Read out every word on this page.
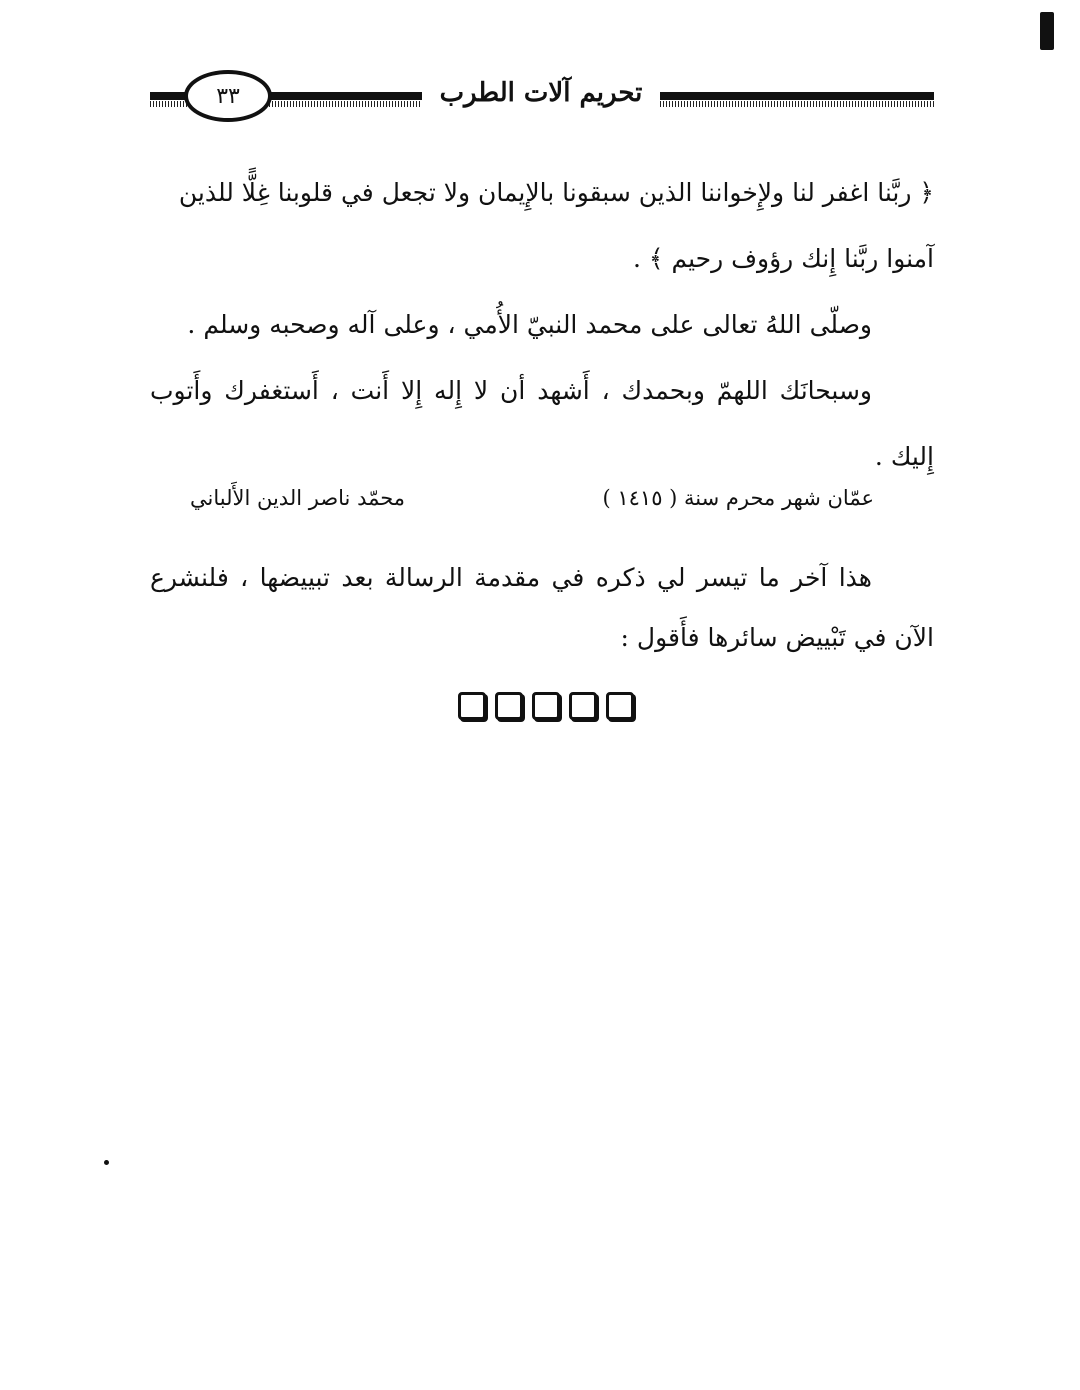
٣٣	تحريم آلات الطرب

﴿ ربَّنا اغفر لنا ولإِخواننا الذين سبقونا بالإِيمان ولا تجعل في قلوبنا غِلًّا للذين

آمنوا ربَّنا إِنك رؤوف رحيم ﴾ .

وصلّى اللهُ تعالى على محمد النبيّ الأُمي ، وعلى آله وصحبه وسلم .

وسبحانَك اللهمّ وبحمدك ، أَشهد أن لا إِله إِلا أَنت ، أَستغفرك وأَتوب إِليك .

عمّان شهر محرم سنة ( ١٤١٥ )
محمّد ناصر الدين الأَلباني

هذا آخر ما تيسر لي ذكره في مقدمة الرسالة بعد تبييضها ، فلنشرع الآن في تَبْييض سائرها فأَقول :
